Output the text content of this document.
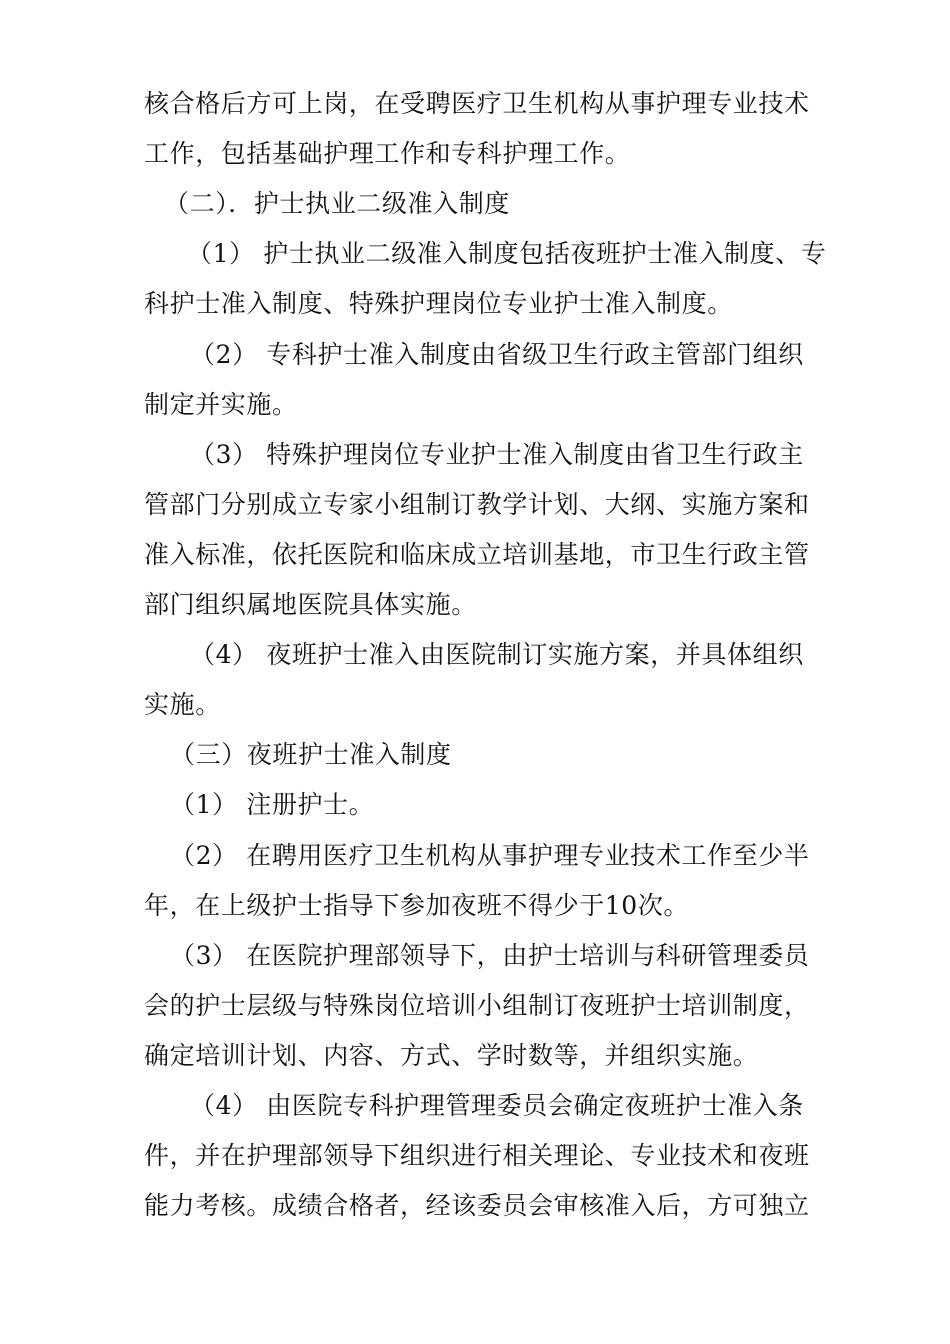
核合格后方可上岗，在受聘医疗卫生机构从事护理专业技术
工作，包括基础护理工作和专科护理工作。
（二）．护士执业二级准入制度
（1） 护士执业二级准入制度包括夜班护士准入制度、专
科护士准入制度、特殊护理岗位专业护士准入制度。
（2） 专科护士准入制度由省级卫生行政主管部门组织
制定并实施。
（3） 特殊护理岗位专业护士准入制度由省卫生行政主
管部门分别成立专家小组制订教学计划、大纲、实施方案和
准入标准，依托医院和临床成立培训基地，市卫生行政主管
部门组织属地医院具体实施。
（4） 夜班护士准入由医院制订实施方案，并具体组织
实施。
（三）夜班护士准入制度
（1） 注册护士。
（2） 在聘用医疗卫生机构从事护理专业技术工作至少半
年，在上级护士指导下参加夜班不得少于10次。
（3） 在医院护理部领导下，由护士培训与科研管理委员
会的护士层级与特殊岗位培训小组制订夜班护士培训制度，
确定培训计划、内容、方式、学时数等，并组织实施。
（4） 由医院专科护理管理委员会确定夜班护士准入条
件，并在护理部领导下组织进行相关理论、专业技术和夜班
能力考核。成绩合格者，经该委员会审核准入后，方可独立
